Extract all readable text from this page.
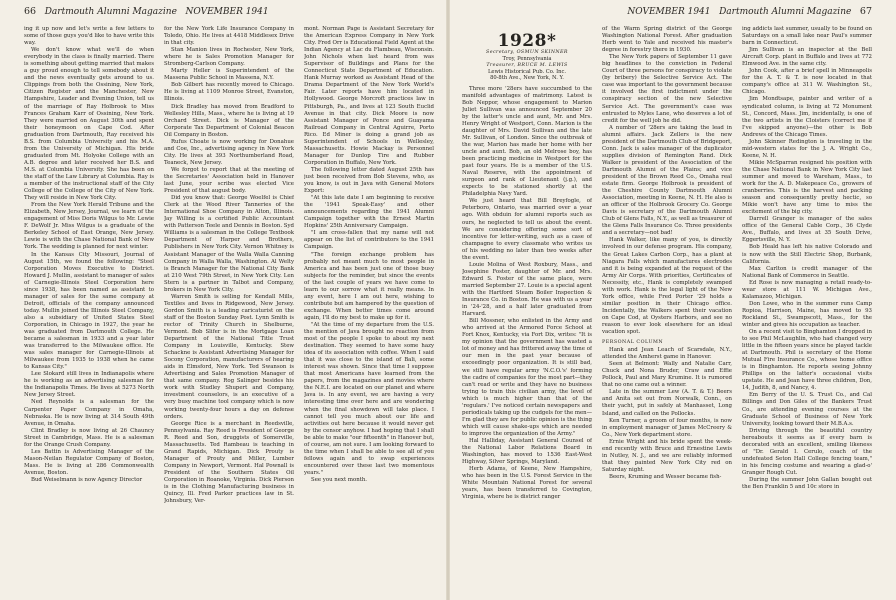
66 Dartmouth Alumni Magazine NOVEMBER 1941

ing it up now and let's write a few letters to some of those guys you'd like to have write this way.

We don't know what we'll do when everybody in the class is finally married. There is something about getting married that makes a guy proud enough to tell somebody about it and the news eventually gets around to us. Clippings from both the Ossining, New York, Citizen Register and the Manchester, New Hampshire, Leader and Evening Union, tell us of the marriage of Ray Holbrook to Miss Frances Graham Karr of Ossining, New York. They were married on August 30th and spent their honeymoon on Cape Cod. After graduation from Dartmouth, Ray received his B.S. from Columbia University and his M.A. from the University of Michigan. His bride graduated from Mt. Holyoke College with an A.B. degree and later received her B.S. and M.S. at Columbia University. She has been on the staff of the Law Library at Columbia. Ray is a member of the instructional staff of the City College of the College of the City of New York. They will reside in New York City.

From the New York Herald Tribune and the Elizabeth, New Jersey, Journal, we learn of the engagement of Miss Doris Wilgus to Mr. Lewie F. DeWolf Jr. Miss Wilgus is a graduate of the Berkeley School of East Orange, New Jersey. Lewie is with the Chase National Bank of New York. The wedding is planned for next winter.

In the Kansas City Missouri, Journal of August 15th, we found the following: "Steel Corporation Moves Executive to District. Howard J. Mullin, assistant to manager of sales of Carnegie-Illinois Steel Corporation here since 1938, has been named as assistant to manager of sales for the same company at Detroit, officials of the company announced today. Mullin joined the Illinois Steel Company, also a subsidiary of United States Steel Corporation, in Chicago in 1927, the year he was graduated from Dartmouth College. He became a salesman in 1933 and a year later was transferred to the Milwaukee office. He was sales manager for Carnegie-Illinois at Milwaukee from 1935 to 1938 when he came to Kansas City."

Lee Slokard still lives in Indianapolis where he is working as an advertising salesman for the Indianapolis Times. He lives at 5273 North New Jersey Street.

Ned Reynolds is a salesman for the Carpenter Paper Company in Omaha, Nebraska. He is now living at 314 South 49th Avenue, in Omaha.

Clint Bradley is now living at 26 Chauncy Street in Cambridge, Mass. He is a salesman for the Orange Crush Company.

Les Battin is Advertising Manager of the Mason-Neilan Regulator Company of Boston, Mass. He is living at 286 Commonwealth Avenue, Boston.

Bud Weiselmann is now Agency Director

for the New York Life Insurance Company in Toledo, Ohio. He lives at 4418 Middlesex Drive in that city.

Stan Manion lives in Rochester, New York, where he is Sales Promotion Manager for Stromberg-Carlson Company.

Marty Heller is Superintendent of the Massena Public School in Massena, N.Y.

Bob Gilbert has recently moved to Chicago. He is living at 1109 Monroe Street, Evanston, Illinois.

Dick Bradley has moved from Bradford to Wellesley Hills, Mass., where he is living at 19 Orchard Street. Dick is Manager of the Corporate Tax Department of Colonial Beacon Oil Company in Boston.

Rufus Choate is now working for Donahue and Coe, Inc., advertising agency in New York City. He lives at 393 Northumberland Road, Teaneck, New Jersey.

We forgot to report that at the meeting of the Secretaries' Association held in Hanover last June, your scribe was elected Vice President of that august body.

Did you know that: George Woelfel is Chief Clerk at the Wood River Tanneries of the International Shoe Company in Alton, Illinois. Jay Willing is a certified Public Accountant with Patterson Teele and Dennis in Boston. Syd Williams is a salesman in the College Textbook Department of Harper and Brothers, Publishers in New York City. Vernon Whitney is Assistant Manager of the Walla Walla Canning Company in Walla Walla, Washington. Al Welty is Branch Manager for the National City Bank at 210 West 79th Street, in New York City. Len Stern is a partner in Talbot and Company, brokers in New York City.

Warren Smith is selling for Kendall Mills, Textiles and lives in Ridgewood, New Jersey. Gordon Smith is a leading caricaturist on the staff of the Boston Sunday Post. Lynn Smith is rector of Trinity Church in Shelburne, Vermont. Bob Slifer is in the Mortgage Loan Department of the National Title Trust Company in Louisville, Kentucky. Stew Schackne is Assistant Advertising Manager for Socony Corporation, manufacturers of hearing aids in Elmsford, New York. Ted Swanson is Advertising and Sales Promotion Manager of that same company. Rog Salinger besides his work with Studley Shupert and Company, investment counselors, is an executive of a very busy machine tool company which is now working twenty-four hours a day on defense orders.

George Rice is a merchant in Reedsville, Pennsylvania. Ray Reed is President of George R. Reed and Son, druggists of Somerville, Massachusetts. Ted Rambeau is teaching in Grand Rapids, Michigan. Dick Prouty is Manager of Prouty and Miller, Lumber Company in Newport, Vermont. Hal Pownall is President of the Southern States Oil Corporation in Roanoke, Virginia. Dick Pierson is in the Clothing Manufacturing business in Quincy, Ill. Fred Parker practices law in St. Johnsbury, Ver-

mont. Norman Page is Assistant Secretary for the American Express Company in New York City. Fred Orr is Educational Field Agent at the Indian Agency at Lac du Flambeau, Wisconsin. John Nichols when last heard from was Supervisor of Buildings and Plans for the Connecticut State Department of Education. Hank Murray worked as Assistant Head of the Drama Department of the New York World's Fair. Later reports have him located in Hollywood. George Morcroft practices law in Pittsburgh, Pa., and lives at 123 South Euclid Avenue in that city. Dick Moore is now Assistant Manager of Ponce and Guayama Railroad Company in Central Aguirre, Porto Rico. Ed Miner is doing a grand job as Superintendent of Schools in Wellesley, Massachusetts. Howie Mackay is Personnel Manager for Dunlop Tire and Rubber Corporation in Buffalo, New York.

The following letter dated August 25th has just been received from Bob Stevens, who, as you know, is out in Java with General Motors Export:

"At this late date I am beginning to receive the '1941 Speak-Easy' and other announcements regarding the 1941 Alumni Campaign together with the Ernest Martin Hopkins' 25th Anniversary Campaign.

"I am cross-fallen that my name will not appear on the list of contributors to the 1941 Campaign.

"The foreign exchange problem has probably not meant much to most people in America and has been just one of those busy subjects for the reminder, but since the events of the last couple of years we have come to learn to our sorrow what it really means. In any event, here I am out here, wishing to contribute but am hampered by the question of exchange. When better times come around again, I'll do my best to make up for it.

"At the time of my departure from the U.S. the mention of Java brought no reaction from most of the people I spoke to about my next destination. They seemed to have some hazy idea of its association with coffee. When I said that it was close to the island of Bali, some interest was shown. Since that time I suppose that most Americans have learned from the papers, from the magazines and movies where the N.E.I. are located on our planet and where Java is. In any event, we are having a very interesting time over here and are wondering when the final showdown will take place. I cannot tell you much about our life and activities out here because it would never get by the censor anyhow. I had hoping that I shall be able to make "our fifteenth" in Hanover but, of course, am not sure. I am looking forward to the time when I shall be able to see all of you fellows again and to swap experiences encountered over these last two momentous years."

See you next month.

NOVEMBER 1941 Dartmouth Alumni Magazine 67
1928*
Secretary, OSMUN SKINNER
Troy, Pennsylvania
Treasurer, BRUCE M. LEWIS
Lewis Historical Pub. Co. Inc.
80-8th Ave., New York, N. Y.

Three more '28ers have succumbed to the manifold advantages of matrimony. Latest is Bob Neppor, whose engagement to Marion Juliet Sullivan was announced September 20 by the latter's uncle and aunt, Mr. and Mrs. Henry Wright of Westport, Conn. Marion is the daughter of Mrs. David Sullivan and the late Mr. Sullivan, of London. Since the outbreak of the war, Marion has made her home with her uncle and aunt. Bob, an old Melrose boy, has been practicing medicine in Westport for the past four years. He is a member of the U.S. Naval Reserve, with the appointment of surgeon and rank of Lieutenant (j.g.), and expects to be stationed shortly at the Philadelphia Navy Yard.

We just heard that Bill Breyfogle, of Peterboro, Ontario, was married over a year ago. With obduin for alumni reports such as ours, he neglected to tell us about the event. We are considering offering some sort of incentive for letter-writing, such as a case of champagne to every classmate who writes us of his wedding no later than two weeks after the event.

Louie Molina of West Roxbury, Mass., and Josephine Foster, daughter of Mr. and Mrs. Edward S. Foster of the same place, were married September 27. Louie is a special agent with the Hartford Steam Boiler Inspection & Insurance Co. in Boston. He was with us a year in '24-'28, and a half later graduated from Harvard.

Bill Mossner, who enlisted in the Army and who arrived at the Armored Force School at Fort Knox, Kentucky, via Fort Dix, writes: "It is my opinion that the government has wasted a lot of money and has frittered away the time of our men in the past year because of exceedingly poor organization. It is still bad, we still have regular army 'N.C.O.'s' forming the cadre of companies for the most part—they can't read or write and they have no business trying to train this civilian army, the level of which is much higher than that of the 'regulars.' I've noticed certain newspapers and periodicals taking up the cudgels for the men—I'm glad they are for public opinion is the thing which will cause shake-ups which are needed to improve the organization of the Army."

Hal Halliday, Assistant General Counsel of the National Labor Relations Board in Washington, has moved to 1536 East-West Highway, Silver Springs, Maryland.

Herb Adams, of Keene, New Hampshire, who has been in the U.S. Forest Service in the White Mountain National Forest for several years, has been transferred to Covington, Virginia, where he is district ranger

of the Warm Spring district of the George Washington National Forest. After graduation Herb went to Yale and received his master's degree in forestry there in 1930.

The New York papers of September 11 gave big headlines to the conviction in Federal Court of three persons for conspiracy to violate (by bribery) the Selective Service Act. The case was important to the government because it involved the first indictment under the conspiracy section of the new Selective Service Act. The government's case was entrusted to Myles Lane, who deserves a lot of credit for the well job he did.

A number of '28ers are taking the lead in alumni affairs. Jack Zellers is the new president of the Dartmouth Club of Bridgeport, Conn. Jack is sales manager of the duplicator supplies division of Remington Rand. Dick Walker is president of the Association of the Dartmouth Alumni of the Plains; and vice president of the Brown Reed Co., Omaha real estate firm. George Holbrook is president of the Cheshire County Dartmouth Alumni Association, meeting in Keene, N. H. He also is an officer of the Holbrook Grocery Co. George Davis is secretary of the Dartmouth Alumni Club of Glens Falls, N.Y., as well as treasurer of the Glens Falls Insurance Co. Three presidents and a secretary—not bad!

Hank Walker, like many of you, is directly involved in our defense program. His company, the Great Lakes Carbon Corp., has a plant at Niagara Falls which manufactures electrodes and it is being expanded at the request of the Army Air Corps. With priorities, Certificates of Necessity, etc., Hank is completely swamped with work. Hank is the legal light of the New York office, while Fred Porter '29 holds a similar position in their Chicago office. Incidentally, the Walkers spent their vacation on Cape Cod, at Oysters Harbors, and see no reason to ever look elsewhere for an ideal vacation spot.

PERSONAL COLUMN

Hank and Jean Leach of Scarsdale, N.Y., attended the Amherst game in Hanover.

Seen at Belmont: Wally and Natalie Carr, Chuck and Nona Bruder, Craw and Effie Pollock, Paul and Mary Krumine. It is rumored that no one came out a winner.

Late in the summer Lew (A. T. & T.) Beers and Anita set out from Norwalk, Conn., on their yacht, put in safely at Manhasset, Long Island, and called on the Pollocks.

Ken Turner, a groom of four months, is now in employment manager of James McCreery & Co., New York department store.

Ernie Wright and his bride spent the week-end recently with Bruce and Ernestine Lewis in Nutley, N. J., and we are reliably informed that they painted New York City red on Saturday night.

Beers, Kruming and Wesser became fish-

ing addicts last summer, usually to be found on Saturdays on a small lake near Paul's summer barn in Connecticut.

Jim Sullivan is an inspector at the Bell Aircraft Corp. plant in Buffalo and lives at 772 Elmwood Ave. in the same city.

John Cook, after a brief spell in Minneapolis for the A. T. & T. is now located in that company's office at 311 W. Washington St., Chicago.

Jim Mondtsape, painter and writer of a syndicated column, is living at 72 Monument St., Concord, Mass. Jim, incidentally, is one of the two artists in the Cloisters (correct me if I've skipped anyone)—the other is Bob Andrews of the Chicago Times.

John Skinner Redington is traveling in the mid-western states for the J. A. Wright Co., Keene, N. H.

Mikie McSparran resigned his position with the Chase National Bank in New York City last summer and moved to Wareham, Mass., to work for the A. D. Makepeace Co., growers of cranberries. This is the harvest and packing season and consequently pretty hectic, so Mikie won't have any time to miss the excitement of the big city.

Darrell Granger is manager of the sales office of the General Cable Corp., 36 Clyde Ave., Buffalo, and lives at 35 South Drive, Eggertsville, N. Y.

Bob Heald has left his native Colorado and is now with the Still Electric Shop, Burbank, California.

Max Carlton is credit manager of the National Bank of Commerce in Seattle.

Ed Rose is now managing a retail ready-to-wear store at 111 W. Michigan Ave., Kalamazoo, Michigan.

Don Lowe, who in the summer runs Camp Ropioa, Harrison, Maine, has moved to 93 Rockland St., Swampscott, Mass., for the winter and gives his occupation as teacher.

On a recent visit to Binghamton I dropped in to see Phil McLaughlin, who had changed very little in the fifteen years since he played tackle at Dartmouth. Phil is secretary of the Home Mutual Fire Insurance Co., whose home office is in Binghamton. He reports seeing Johnny Phillips on the latter's occasional visits upstate. He and Jean have three children, Don, 14, Judith, 8, and Nancy, 4.

Em Berry of the U. S. Trust Co., and Cal Billings and Don Giles of the Bankers Trust Co., are attending evening courses at the Graduate School of Business of New York University, looking toward their M.B.A.s.

Driving through the beautiful country hereabouts it seems as if every barn is decorated with an excellent, smiling likeness of "Dr. Gerald I. Cerulo, coach of the undefeated Seton Hall College fencing team," in his fencing costume and wearing a glad-o' Granger Rough Cut.

During the summer John Gallan bought out the Ben Franklin 5 and 10c store in
